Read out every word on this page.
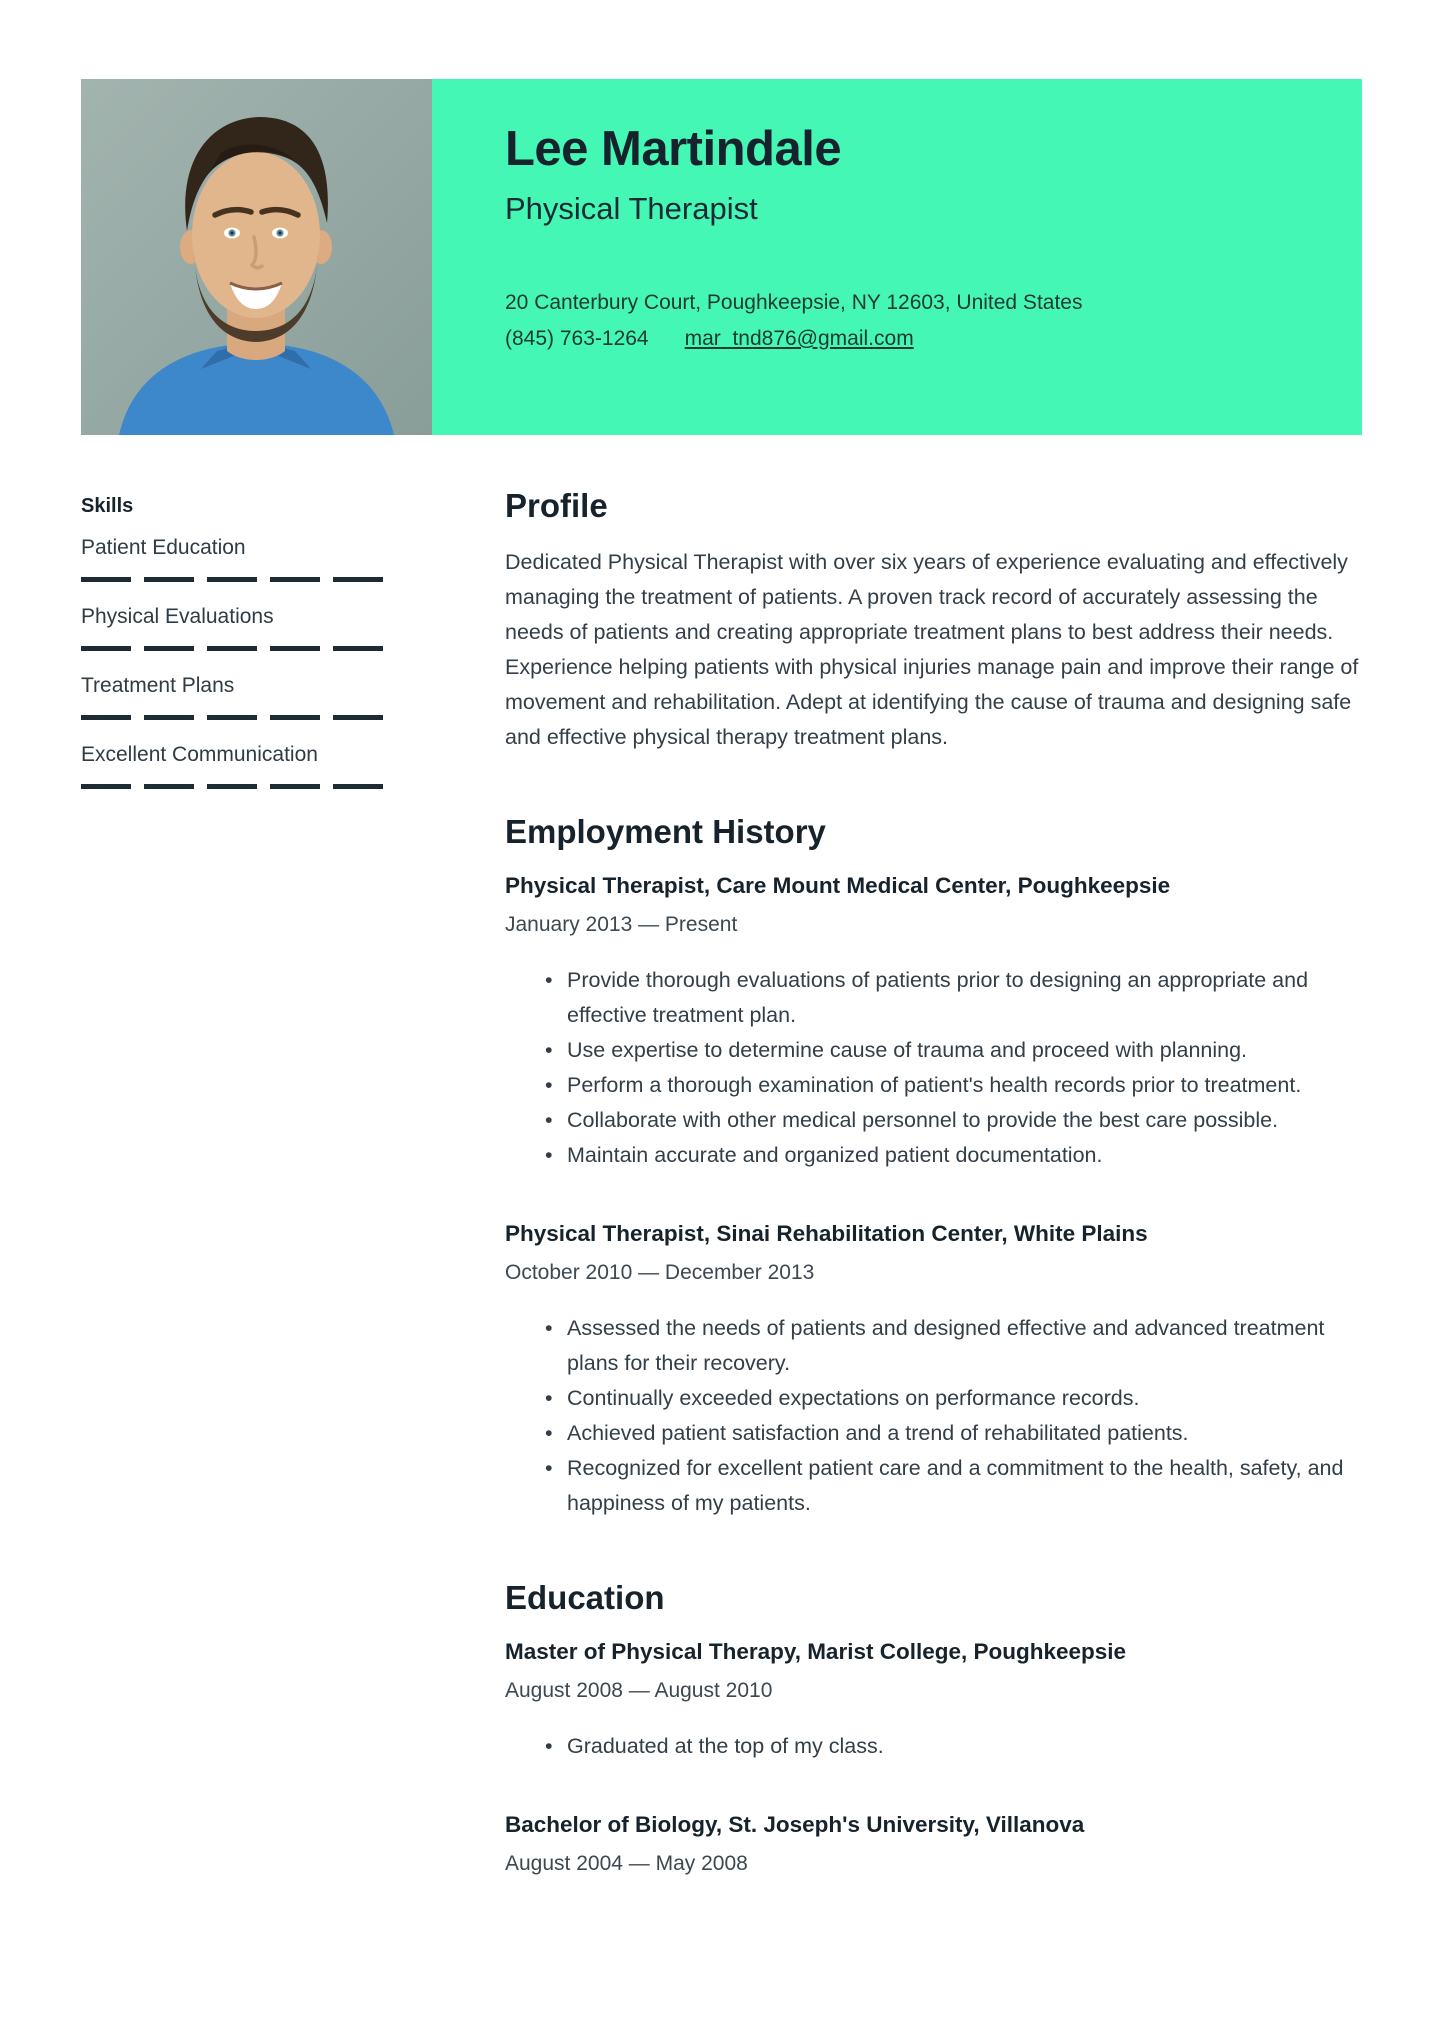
Lee Martindale
Physical Therapist
20 Canterbury Court, Poughkeepsie, NY 12603, United States
(845) 763-1264 mar_tnd876@gmail.com
Skills
Patient Education
Physical Evaluations
Treatment Plans
Excellent Communication
Profile

Dedicated Physical Therapist with over six years of experience evaluating and effectively managing the treatment of patients. A proven track record of accurately assessing the needs of patients and creating appropriate treatment plans to best address their needs. Experience helping patients with physical injuries manage pain and improve their range of movement and rehabilitation. Adept at identifying the cause of trauma and designing safe and effective physical therapy treatment plans.

Employment History
Physical Therapist, Care Mount Medical Center, Poughkeepsie
January 2013 — Present
• Provide thorough evaluations of patients prior to designing an appropriate and effective treatment plan.
• Use expertise to determine cause of trauma and proceed with planning.
• Perform a thorough examination of patient's health records prior to treatment.
• Collaborate with other medical personnel to provide the best care possible.
• Maintain accurate and organized patient documentation.
Physical Therapist, Sinai Rehabilitation Center, White Plains
October 2010 — December 2013
• Assessed the needs of patients and designed effective and advanced treatment plans for their recovery.
• Continually exceeded expectations on performance records.
• Achieved patient satisfaction and a trend of rehabilitated patients.
• Recognized for excellent patient care and a commitment to the health, safety, and happiness of my patients.
Education
Master of Physical Therapy, Marist College, Poughkeepsie
August 2008 — August 2010
• Graduated at the top of my class.
Bachelor of Biology, St. Joseph's University, Villanova
August 2004 — May 2008
